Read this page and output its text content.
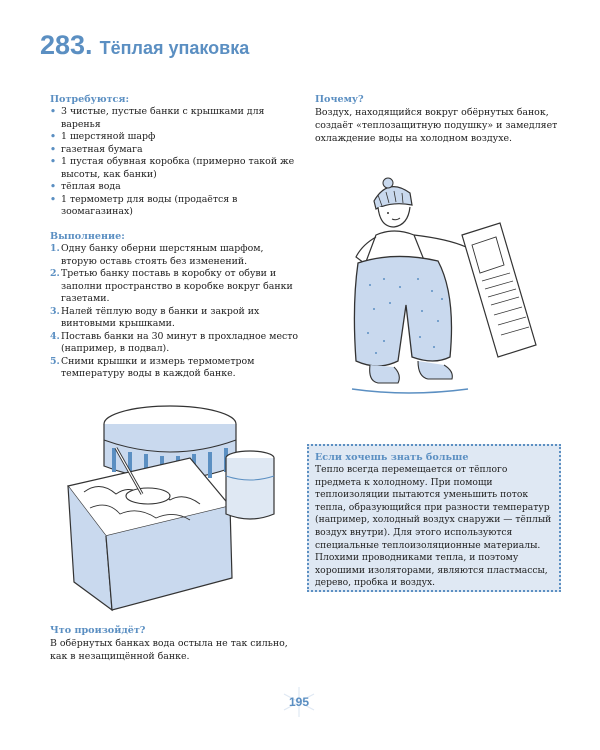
283. Тёплая упаковка
Потребуются:
• 3 чистые, пустые банки с крышками для варенья
• 1 шерстяной шарф
• газетная бумага
• 1 пустая обувная коробка (примерно такой же высоты, как банки)
• тёплая вода
• 1 термометр для воды (продаётся в зоомагазинах)
Выполнение:
1. Одну банку оберни шерстяным шарфом, вторую оставь стоять без изменений.
2. Третью банку поставь в коробку от обуви и заполни пространство в коробке вокруг банки газетами.
3. Налей тёплую воду в банки и закрой их винтовыми крышками.
4. Поставь банки на 30 минут в прохладное место (например, в подвал).
5. Сними крышки и измерь термометром температуру воды в каждой банке.
Почему?
Воздух, находящийся вокруг обёрнутых банок, создаёт «теплозащитную подушку» и замедляет охлаждение воды на холодном воздухе.
Если хочешь знать больше
Тепло всегда перемещается от тёплого предмета к холодному. При помощи теплоизоляции пытаются уменьшить поток тепла, образующийся при разности температур (например, холодный воздух снаружи — тёплый воздух внутри). Для этого используются специальные теплоизоляционные материалы. Плохими проводниками тепла, и поэтому хорошими изоляторами, являются пластмассы, дерево, пробка и воздух.
Что произойдёт?
В обёрнутых банках вода остыла не так сильно, как в незащищённой банке.
195
